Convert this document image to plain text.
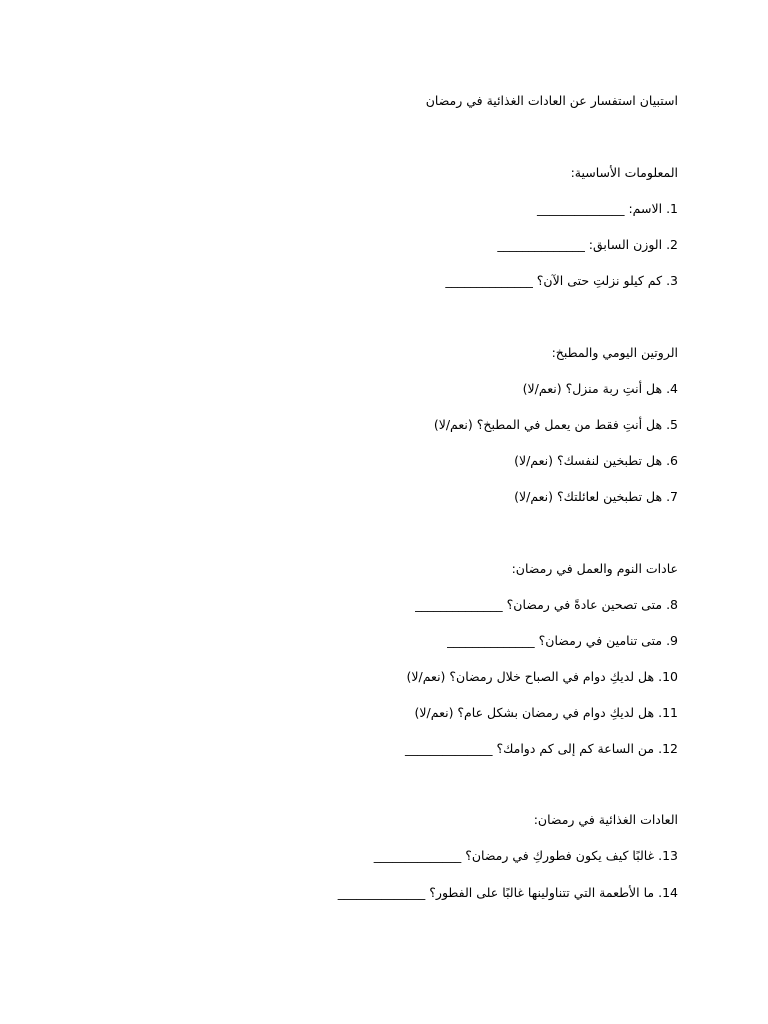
استبيان استفسار عن العادات الغذائية في رمضان
المعلومات الأساسية:
1. الاسم: ______________
2. الوزن السابق: ______________
3. كم كيلو نزلتِ حتى الآن؟ ______________
الروتين اليومي والمطبخ:
4. هل أنتِ ربة منزل؟ (نعم/لا)
5. هل أنتِ فقط من يعمل في المطبخ؟ (نعم/لا)
6. هل تطبخين لنفسك؟ (نعم/لا)
7. هل تطبخين لعائلتك؟ (نعم/لا)
عادات النوم والعمل في رمضان:
8. متى تصحين عادةً في رمضان؟ ______________
9. متى تنامين في رمضان؟ ______________
10. هل لديكِ دوام في الصباح خلال رمضان؟ (نعم/لا)
11. هل لديكِ دوام في رمضان بشكل عام؟ (نعم/لا)
12. من الساعة كم إلى كم دوامك؟ ______________
العادات الغذائية في رمضان:
13. غالبًا كيف يكون فطوركِ في رمضان؟ ______________
14. ما الأطعمة التي تتناولينها غالبًا على الفطور؟ ______________
